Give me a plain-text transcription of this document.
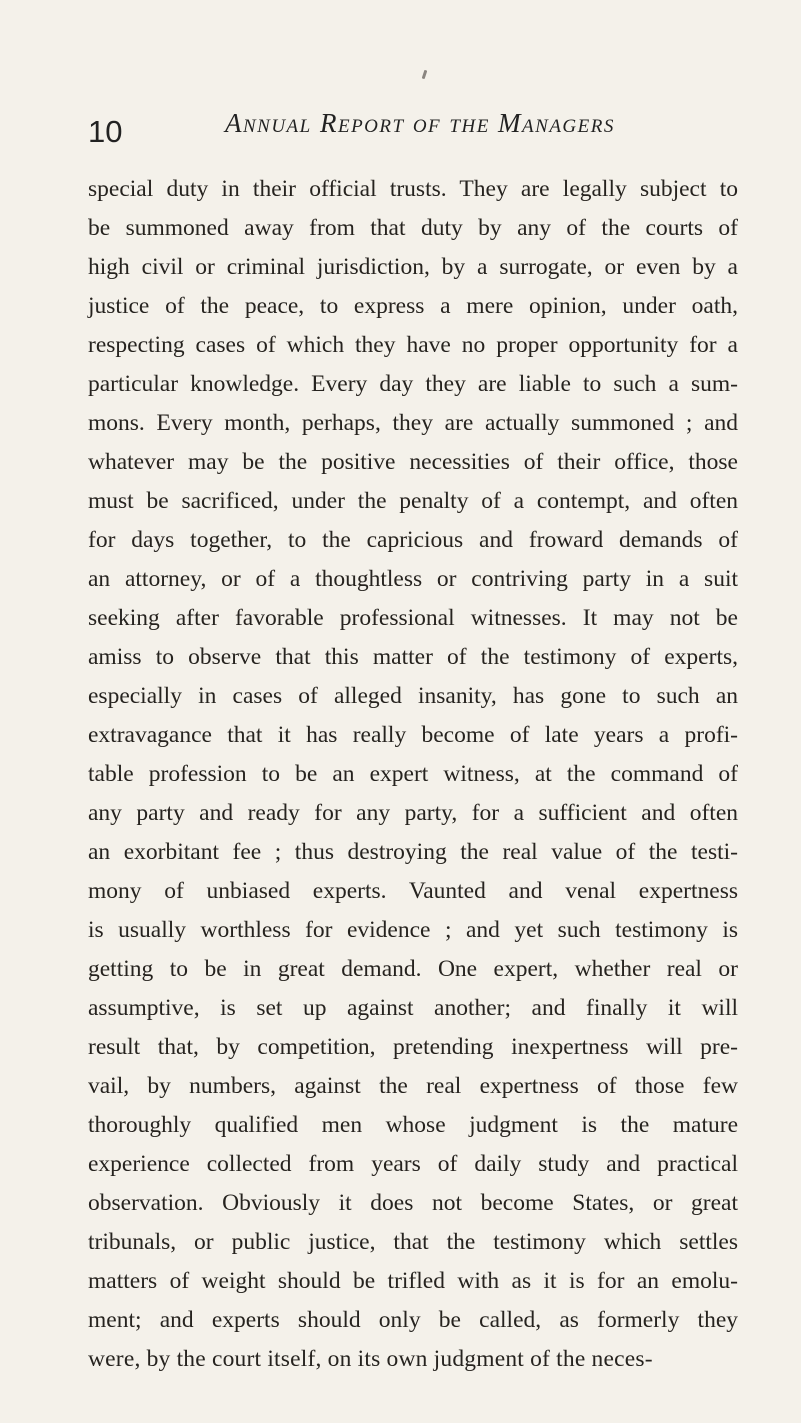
10	Annual Report of the Managers
special duty in their official trusts. They are legally subject to
be summoned away from that duty by any of the courts of
high civil or criminal jurisdiction, by a surrogate, or even by a
justice of the peace, to express a mere opinion, under oath,
respecting cases of which they have no proper opportunity for a
particular knowledge. Every day they are liable to such a sum-
mons. Every month, perhaps, they are actually summoned ; and
whatever may be the positive necessities of their office, those
must be sacrificed, under the penalty of a contempt, and often
for days together, to the capricious and froward demands of
an attorney, or of a thoughtless or contriving party in a suit
seeking after favorable professional witnesses. It may not be
amiss to observe that this matter of the testimony of experts,
especially in cases of alleged insanity, has gone to such an
extravagance that it has really become of late years a profi-
table profession to be an expert witness, at the command of
any party and ready for any party, for a sufficient and often
an exorbitant fee ; thus destroying the real value of the testi-
mony of unbiased experts. Vaunted and venal expertness
is usually worthless for evidence ; and yet such testimony is
getting to be in great demand. One expert, whether real or
assumptive, is set up against another; and finally it will
result that, by competition, pretending inexpertness will pre-
vail, by numbers, against the real expertness of those few
thoroughly qualified men whose judgment is the mature
experience collected from years of daily study and practical
observation. Obviously it does not become States, or great
tribunals, or public justice, that the testimony which settles
matters of weight should be trifled with as it is for an emolu-
ment; and experts should only be called, as formerly they
were, by the court itself, on its own judgment of the neces-
